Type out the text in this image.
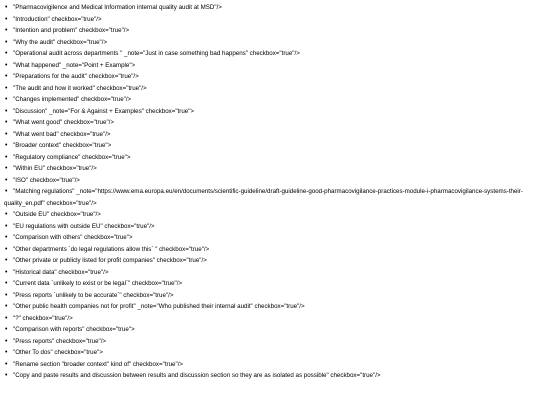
• "Pharmacovigilence and Medical Information internal quality audit at MSD"/>
• "Introduction" checkbox="true"/>
• "Intention and problem" checkbox="true"/>
• "Why the audit" checkbox="true"/>
• "Operational audit across departments " _note="Just in case something bad happens" checkbox="true"/>
• "What happened" _note="Point + Example">
• "Preparations for the audit" checkbox="true"/>
• "The audit and how it worked" checkbox="true"/>
• "Changes implemented" checkbox="true"/>
• "Discussion" _note="For & Against + Examples" checkbox="true">
• "What went good" checkbox="true"/>
• "What went bad" checkbox="true"/>
• "Broader context" checkbox="true">
• "Regulatory compliance" checkbox="true">
• "Within EU" checkbox="true"/>
• "ISO" checkbox="true"/>
• "Matching regulations" _note="https://www.ema.europa.eu/en/documents/scientific-guideline/draft-guideline-good-pharmacovigilance-practices-module-i-pharmacovigilance-systems-their-quality_en.pdf" checkbox="true"/>
• "Outside EU" checkbox="true"/>
• "EU regulations with outside EU" checkbox="true"/>
• "Comparison with others" checkbox="true">
• "Other departments `do legal regulations allow this` " checkbox="true"/>
• "Other private or publicly listed for profit companies" checkbox="true"/>
• "Historical data" checkbox="true"/>
• "Current data `unlikely to exist or be legal`" checkbox="true"/>
• "Press reports `unlikely to be accurate`" checkbox="true"/>
• "Other public health companies not for profit" _note="Who published their internal audit" checkbox="true"/>
• "?" checkbox="true"/>
• "Comparison with reports" checkbox="true">
• "Press reports" checkbox="true"/>
• "Other To dos" checkbox="true">
• "Rename section "broader context" kind of" checkbox="true"/>
• "Copy and paste results and discussion between results and discussion section so they are as isolated as possible" checkbox="true"/>
